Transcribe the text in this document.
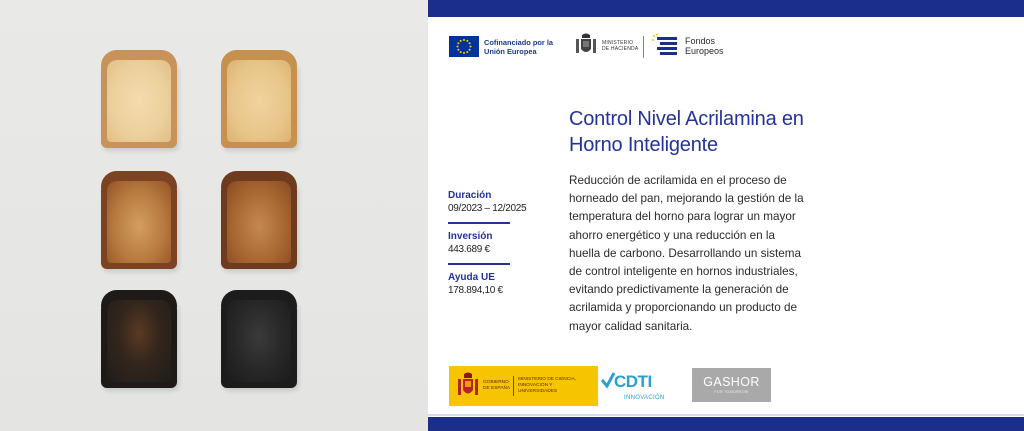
Cofinanciado por la Unión Europea
MINISTERIO DE HACIENDA
Fondos
Europeos
Control Nivel Acrilamina en Horno Inteligente
Duración
09/2023 – 12/2025
Inversión
443.689 €
Ayuda UE
178.894,10 €
Reducción de acrilamida en el proceso de horneado del pan, mejorando la gestión de la temperatura del horno para lograr un mayor ahorro energético y una reducción en la huella de carbono. Desarrollando un sistema de control inteligente en hornos industriales, evitando predictivamente la generación de acrilamida y proporcionando un producto de mayor calidad sanitaria.
GOBIERNO DE ESPAÑA
MINISTERIO DE CIENCIA, INNOVACIÓN Y UNIVERSIDADES
CDTI
INNOVACIÓN
GASHOR
FOR TOMORROW
